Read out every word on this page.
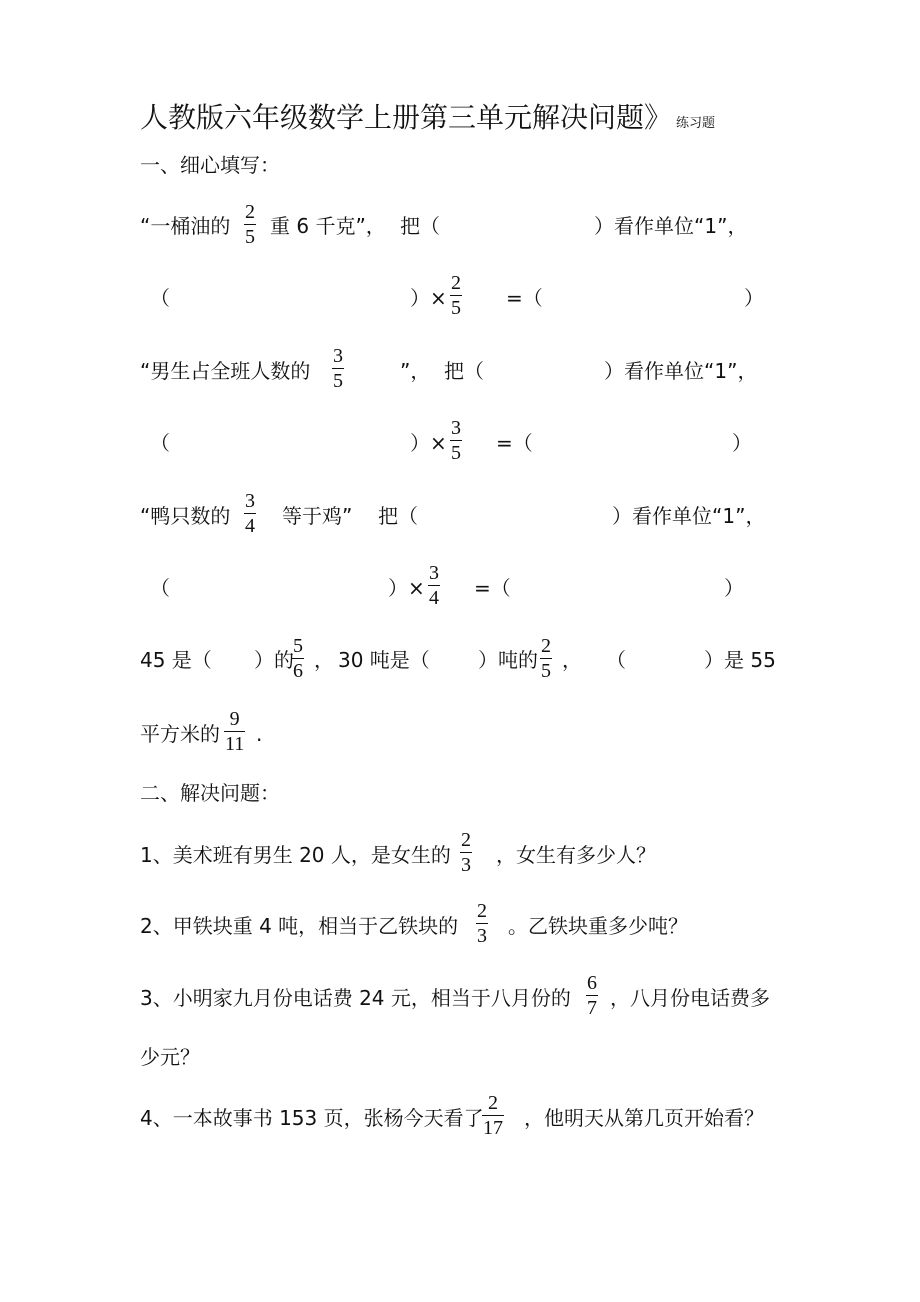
人教版六年级数学上册第三单元解决问题》 练习题
一、细心填写：
“一桶油的 $\frac{2}{5}$ 重 6 千克”， 把（	）看作单位“1”，
（	）× $\frac{2}{5}$ =（	）
“男生占全班人数的 $\frac{3}{5}$	”， 把（	）看作单位“1”，
（	）× $\frac{3}{5}$ =（	）
“鸭只数的 $\frac{3}{4}$ 等于鸡” 把（	）看作单位“1”，
（	）× $\frac{3}{4}$ =（	）
45 是（ ）的
$\frac{5}{6}$ ， 30 吨是（ ）吨的 $\frac{2}{5}$ ， （	）是 55
平方米的 $\frac{9}{11}$ .
二、解决问题：
1、美术班有男生 20 人，是女生的 $\frac{2}{3}$ ，女生有多少人？
2、甲铁块重 4 吨，相当于乙铁块的 $\frac{2}{3}$ 。乙铁块重多少吨？
3、小明家九月份电话费 24 元，相当于八月份的 $\frac{6}{7}$ ，八月份电话费多
少元？
4、一本故事书 153 页，张杨今天看了
$\frac{2}{17}$ ，他明天从第几页开始看？
